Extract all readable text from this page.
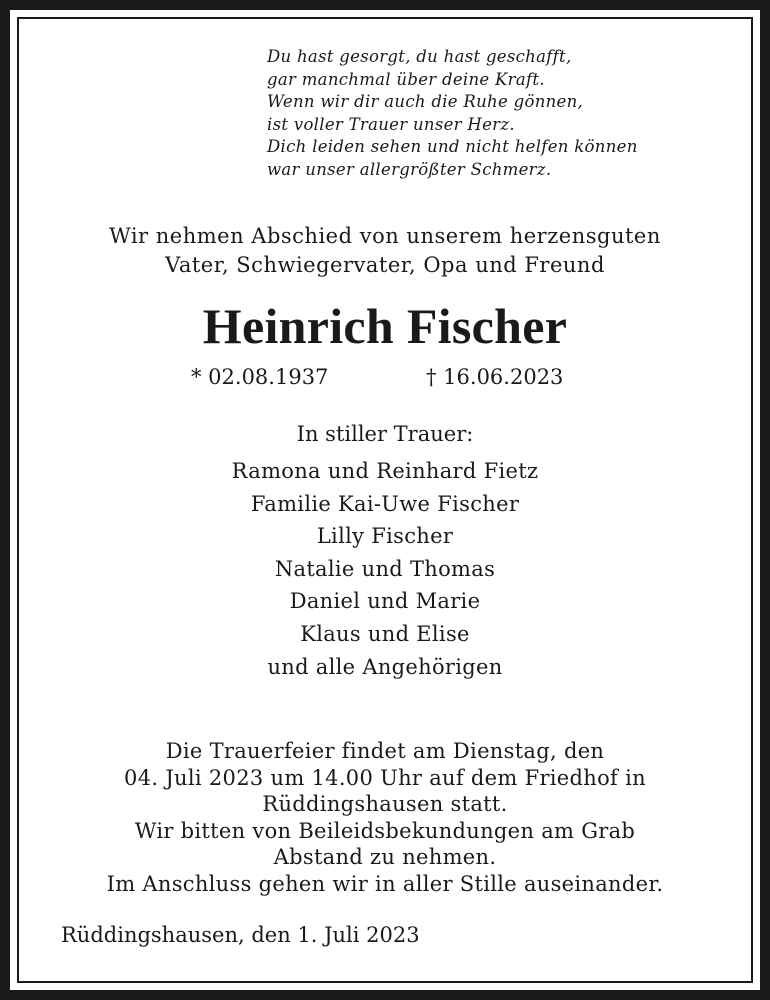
Du hast gesorgt, du hast geschafft,
gar manchmal über deine Kraft.
Wenn wir dir auch die Ruhe gönnen,
ist voller Trauer unser Herz.
Dich leiden sehen und nicht helfen können
war unser allergrößter Schmerz.
Wir nehmen Abschied von unserem herzensguten
Vater, Schwiegervater, Opa und Freund
Heinrich Fischer
* 02.08.1937	† 16.06.2023
In stiller Trauer:
Ramona und Reinhard Fietz
Familie Kai-Uwe Fischer
Lilly Fischer
Natalie und Thomas
Daniel und Marie
Klaus und Elise
und alle Angehörigen
Die Trauerfeier findet am Dienstag, den
04. Juli 2023 um 14.00 Uhr auf dem Friedhof in
Rüddingshausen statt.
Wir bitten von Beileidsbekundungen am Grab
Abstand zu nehmen.
Im Anschluss gehen wir in aller Stille auseinander.
Rüddingshausen, den 1. Juli 2023
